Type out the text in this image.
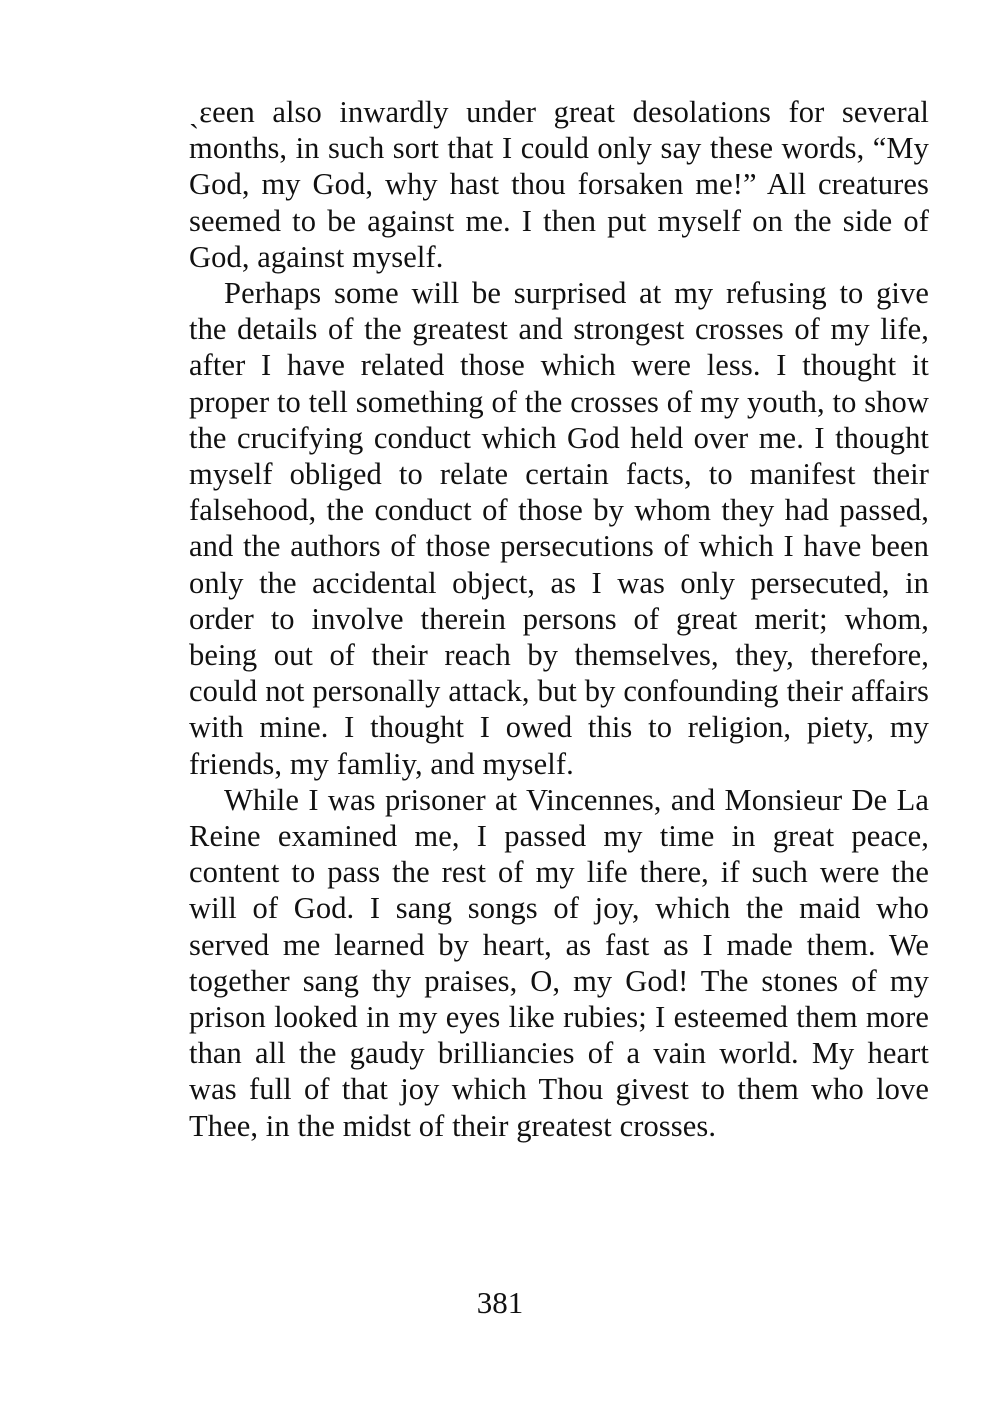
ˏεeen also inwardly under great desolations for several months, in such sort that I could only say these words, “My God, my God, why hast thou forsaken me!” All creatures seemed to be against me. I then put myself on the side of God, against myself.

Perhaps some will be surprised at my refusing to give the details of the greatest and strongest crosses of my life, after I have related those which were less. I thought it proper to tell something of the crosses of my youth, to show the crucifying conduct which God held over me. I thought myself obliged to relate certain facts, to manifest their falsehood, the conduct of those by whom they had passed, and the authors of those persecutions of which I have been only the accidental object, as I was only persecuted, in order to involve therein persons of great merit; whom, being out of their reach by themselves, they, therefore, could not personally attack, but by confounding their affairs with mine. I thought I owed this to religion, piety, my friends, my famliy, and myself.

While I was prisoner at Vincennes, and Monsieur De La Reine examined me, I passed my time in great peace, content to pass the rest of my life there, if such were the will of God. I sang songs of joy, which the maid who served me learned by heart, as fast as I made them. We together sang thy praises, O, my God! The stones of my prison looked in my eyes like rubies; I esteemed them more than all the gaudy brilliancies of a vain world. My heart was full of that joy which Thou givest to them who love Thee, in the midst of their greatest crosses.

381
